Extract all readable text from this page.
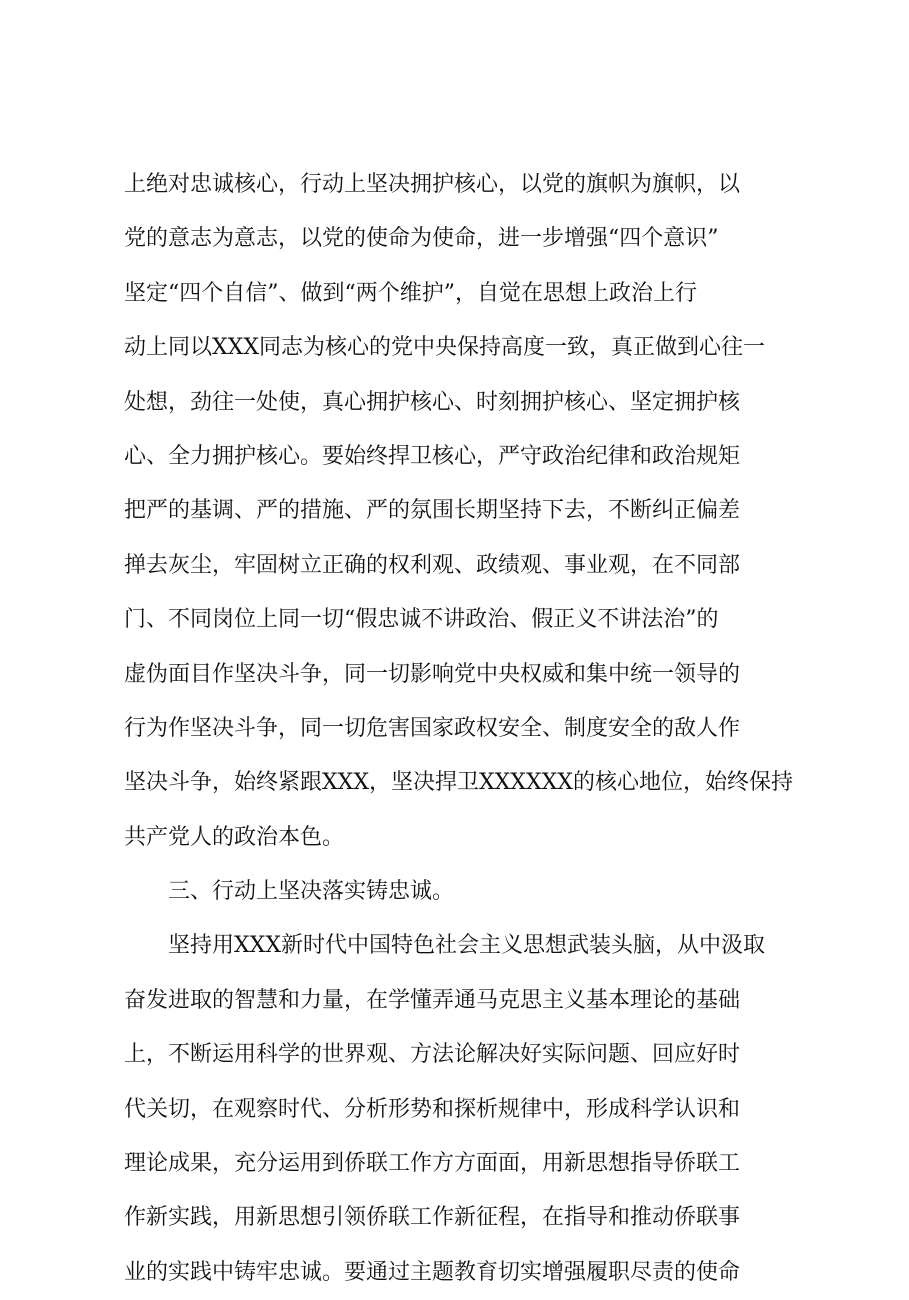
上绝对忠诚核心，行动上坚决拥护核心，以党的旗帜为旗帜，以
党的意志为意志，以党的使命为使命，进一步增强“四个意识”
坚定“四个自信”、做到“两个维护”，自觉在思想上政治上行
动上同以XXX同志为核心的党中央保持高度一致，真正做到心往一
处想，劲往一处使，真心拥护核心、时刻拥护核心、坚定拥护核
心、全力拥护核心。要始终捍卫核心，严守政治纪律和政治规矩
把严的基调、严的措施、严的氛围长期坚持下去，不断纠正偏差
掸去灰尘，牢固树立正确的权利观、政绩观、事业观，在不同部
门、不同岗位上同一切“假忠诚不讲政治、假正义不讲法治”的
虚伪面目作坚决斗争，同一切影响党中央权威和集中统一领导的
行为作坚决斗争，同一切危害国家政权安全、制度安全的敌人作
坚决斗争，始终紧跟XXX，坚决捍卫XXXXXX的核心地位，始终保持
共产党人的政治本色。
三、行动上坚决落实铸忠诚。
坚持用XXX新时代中国特色社会主义思想武装头脑，从中汲取
奋发进取的智慧和力量，在学懂弄通马克思主义基本理论的基础
上，不断运用科学的世界观、方法论解决好实际问题、回应好时
代关切，在观察时代、分析形势和探析规律中，形成科学认识和
理论成果，充分运用到侨联工作方方面面，用新思想指导侨联工
作新实践，用新思想引领侨联工作新征程，在指导和推动侨联事
业的实践中铸牢忠诚。要通过主题教育切实增强履职尽责的使命
